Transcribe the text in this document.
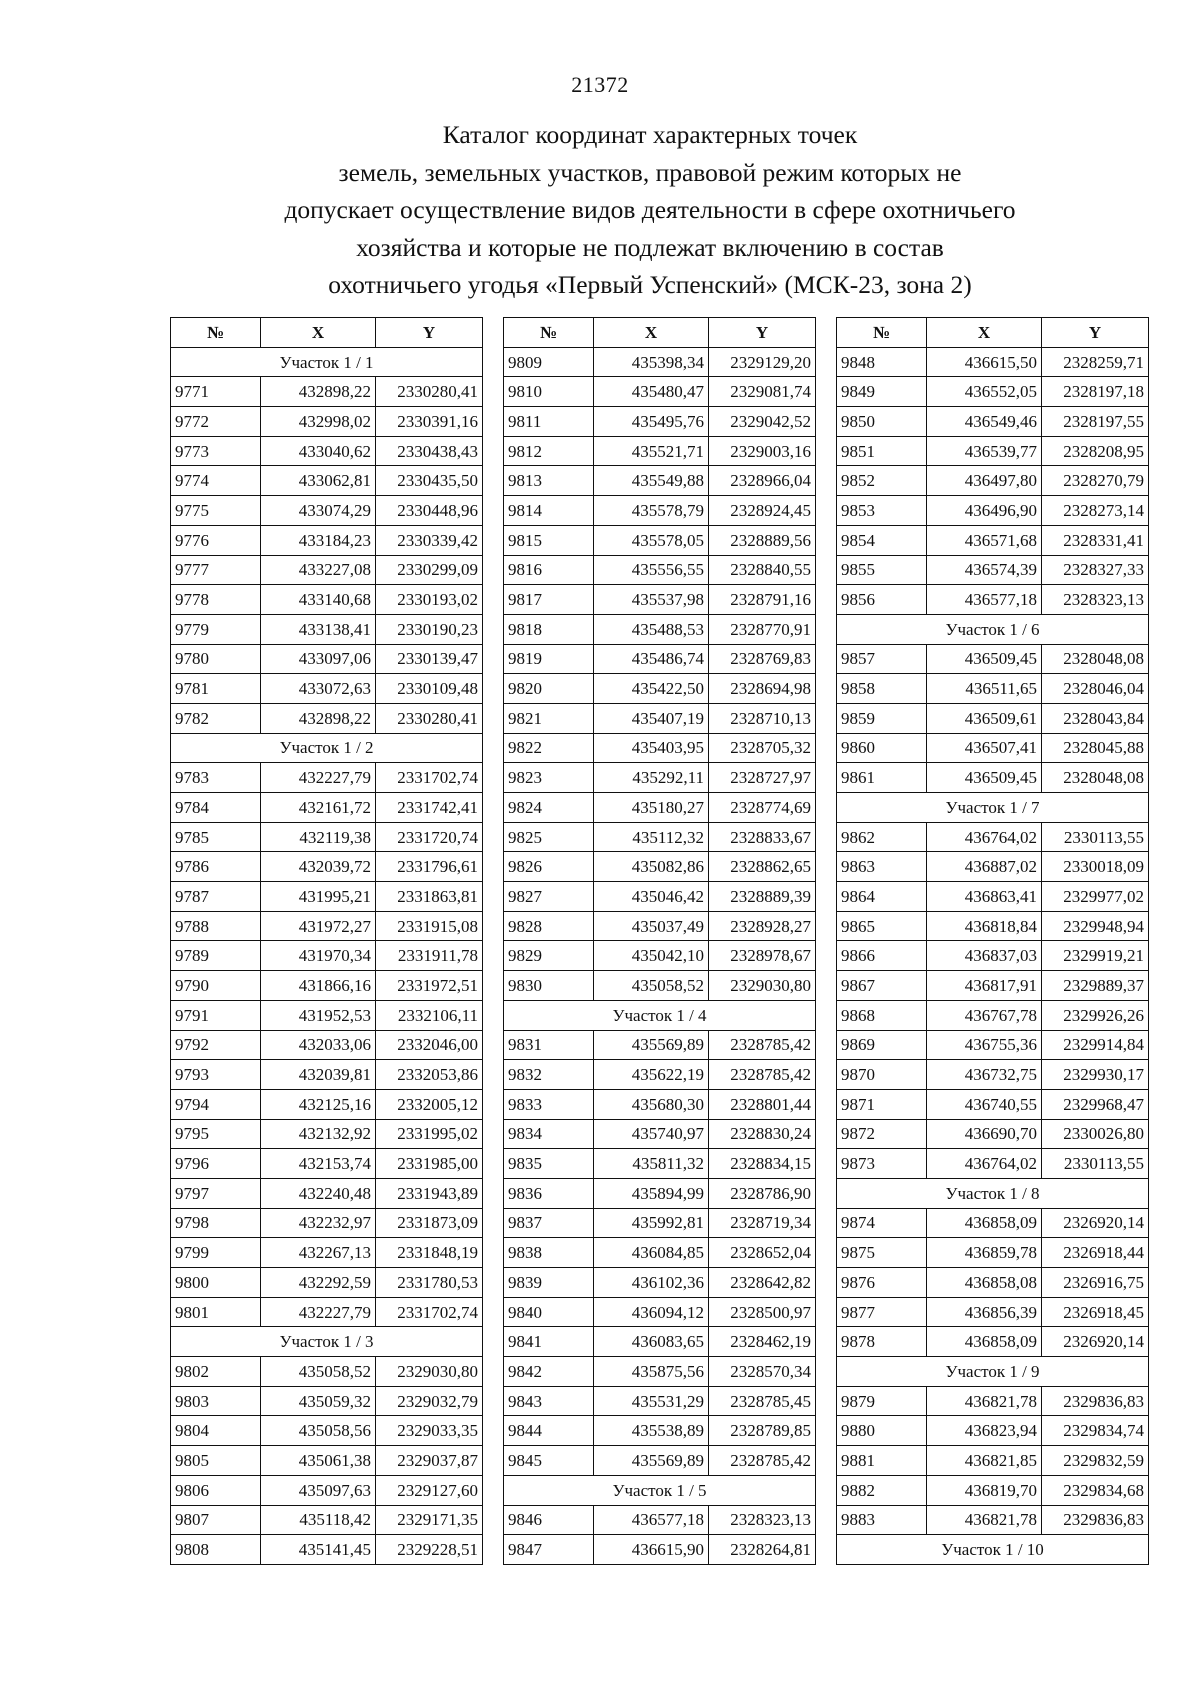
21372
Каталог координат характерных точек
земель, земельных участков, правовой режим которых не
допускает осуществление видов деятельности в сфере охотничьего
хозяйства и которые не подлежат включению в состав
охотничьего угодья «Первый Успенский» (МСК-23, зона 2)
№	X	Y
Участок 1 / 1		
9771	432898,22	2330280,41
9772	432998,02	2330391,16
9773	433040,62	2330438,43
9774	433062,81	2330435,50
9775	433074,29	2330448,96
9776	433184,23	2330339,42
9777	433227,08	2330299,09
9778	433140,68	2330193,02
9779	433138,41	2330190,23
9780	433097,06	2330139,47
9781	433072,63	2330109,48
9782	432898,22	2330280,41
Участок 1 / 2		
9783	432227,79	2331702,74
9784	432161,72	2331742,41
9785	432119,38	2331720,74
9786	432039,72	2331796,61
9787	431995,21	2331863,81
9788	431972,27	2331915,08
9789	431970,34	2331911,78
9790	431866,16	2331972,51
9791	431952,53	2332106,11
9792	432033,06	2332046,00
9793	432039,81	2332053,86
9794	432125,16	2332005,12
9795	432132,92	2331995,02
9796	432153,74	2331985,00
9797	432240,48	2331943,89
9798	432232,97	2331873,09
9799	432267,13	2331848,19
9800	432292,59	2331780,53
9801	432227,79	2331702,74
Участок 1 / 3		
9802	435058,52	2329030,80
9803	435059,32	2329032,79
9804	435058,56	2329033,35
9805	435061,38	2329037,87
9806	435097,63	2329127,60
9807	435118,42	2329171,35
9808	435141,45	2329228,51
№	X	Y
9809	435398,34	2329129,20
9810	435480,47	2329081,74
9811	435495,76	2329042,52
9812	435521,71	2329003,16
9813	435549,88	2328966,04
9814	435578,79	2328924,45
9815	435578,05	2328889,56
9816	435556,55	2328840,55
9817	435537,98	2328791,16
9818	435488,53	2328770,91
9819	435486,74	2328769,83
9820	435422,50	2328694,98
9821	435407,19	2328710,13
9822	435403,95	2328705,32
9823	435292,11	2328727,97
9824	435180,27	2328774,69
9825	435112,32	2328833,67
9826	435082,86	2328862,65
9827	435046,42	2328889,39
9828	435037,49	2328928,27
9829	435042,10	2328978,67
9830	435058,52	2329030,80
Участок 1 / 4		
9831	435569,89	2328785,42
9832	435622,19	2328785,42
9833	435680,30	2328801,44
9834	435740,97	2328830,24
9835	435811,32	2328834,15
9836	435894,99	2328786,90
9837	435992,81	2328719,34
9838	436084,85	2328652,04
9839	436102,36	2328642,82
9840	436094,12	2328500,97
9841	436083,65	2328462,19
9842	435875,56	2328570,34
9843	435531,29	2328785,45
9844	435538,89	2328789,85
9845	435569,89	2328785,42
Участок 1 / 5		
9846	436577,18	2328323,13
9847	436615,90	2328264,81
№	X	Y
9848	436615,50	2328259,71
9849	436552,05	2328197,18
9850	436549,46	2328197,55
9851	436539,77	2328208,95
9852	436497,80	2328270,79
9853	436496,90	2328273,14
9854	436571,68	2328331,41
9855	436574,39	2328327,33
9856	436577,18	2328323,13
Участок 1 / 6		
9857	436509,45	2328048,08
9858	436511,65	2328046,04
9859	436509,61	2328043,84
9860	436507,41	2328045,88
9861	436509,45	2328048,08
Участок 1 / 7		
9862	436764,02	2330113,55
9863	436887,02	2330018,09
9864	436863,41	2329977,02
9865	436818,84	2329948,94
9866	436837,03	2329919,21
9867	436817,91	2329889,37
9868	436767,78	2329926,26
9869	436755,36	2329914,84
9870	436732,75	2329930,17
9871	436740,55	2329968,47
9872	436690,70	2330026,80
9873	436764,02	2330113,55
Участок 1 / 8		
9874	436858,09	2326920,14
9875	436859,78	2326918,44
9876	436858,08	2326916,75
9877	436856,39	2326918,45
9878	436858,09	2326920,14
Участок 1 / 9		
9879	436821,78	2329836,83
9880	436823,94	2329834,74
9881	436821,85	2329832,59
9882	436819,70	2329834,68
9883	436821,78	2329836,83
Участок 1 / 10		
